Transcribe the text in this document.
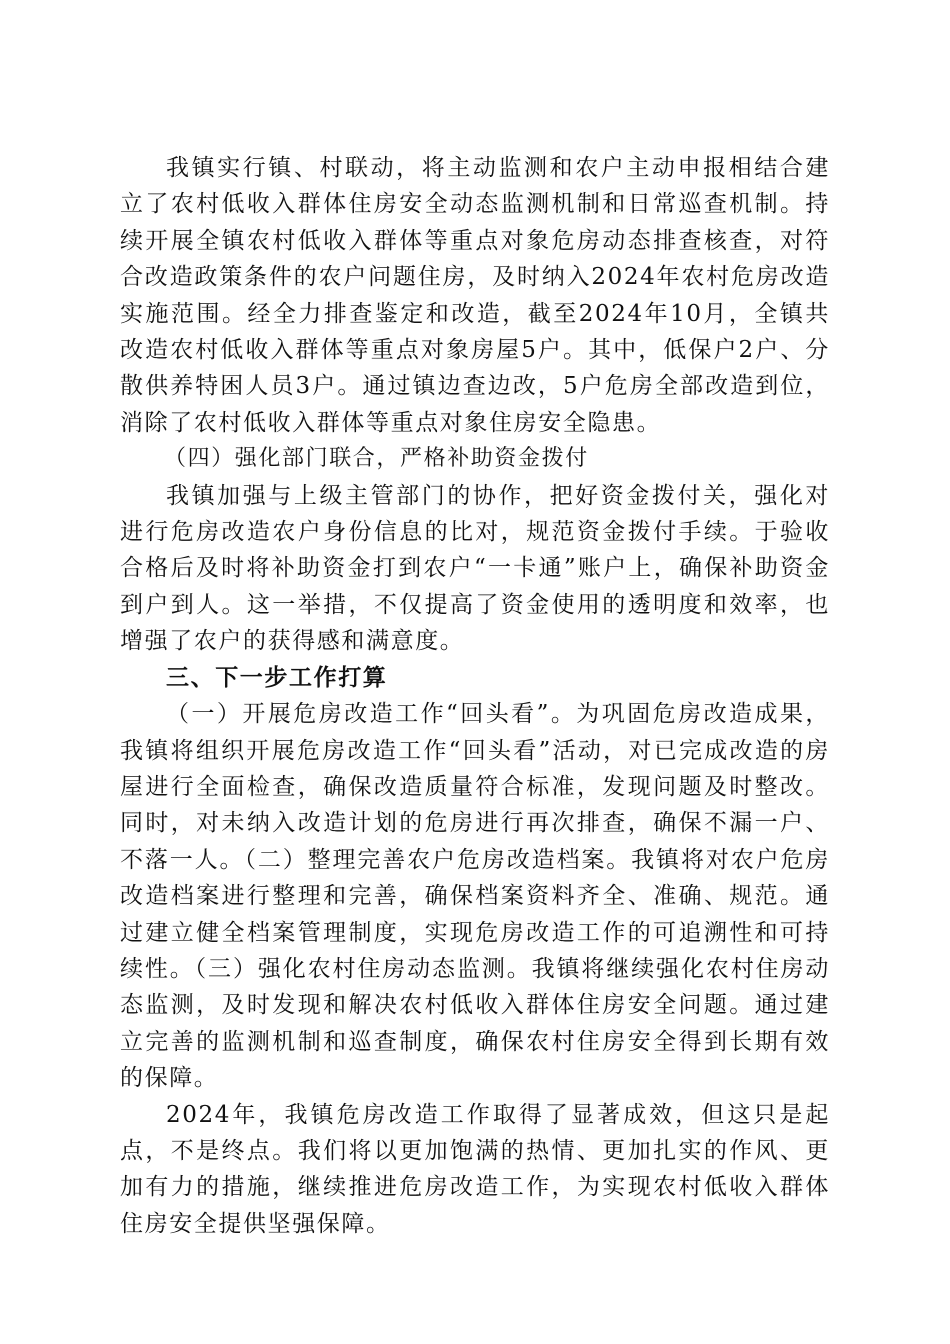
我镇实行镇、村联动，将主动监测和农户主动申报相结合建立了农村低收入群体住房安全动态监测机制和日常巡查机制。持续开展全镇农村低收入群体等重点对象危房动态排查核查，对符合改造政策条件的农户问题住房，及时纳入2024年农村危房改造实施范围。经全力排查鉴定和改造，截至2024年10月，全镇共改造农村低收入群体等重点对象房屋5户。其中，低保户2户、分散供养特困人员3户。通过镇边查边改，5户危房全部改造到位，消除了农村低收入群体等重点对象住房安全隐患。

（四）强化部门联合，严格补助资金拨付

我镇加强与上级主管部门的协作，把好资金拨付关，强化对进行危房改造农户身份信息的比对，规范资金拨付手续。于验收合格后及时将补助资金打到农户“一卡通”账户上，确保补助资金到户到人。这一举措，不仅提高了资金使用的透明度和效率，也增强了农户的获得感和满意度。

三、下一步工作打算

（一）开展危房改造工作“回头看”。为巩固危房改造成果，我镇将组织开展危房改造工作“回头看”活动，对已完成改造的房屋进行全面检查，确保改造质量符合标准，发现问题及时整改。同时，对未纳入改造计划的危房进行再次排查，确保不漏一户、不落一人。（二）整理完善农户危房改造档案。我镇将对农户危房改造档案进行整理和完善，确保档案资料齐全、准确、规范。通过建立健全档案管理制度，实现危房改造工作的可追溯性和可持续性。（三）强化农村住房动态监测。我镇将继续强化农村住房动态监测，及时发现和解决农村低收入群体住房安全问题。通过建立完善的监测机制和巡查制度，确保农村住房安全得到长期有效的保障。

2024年，我镇危房改造工作取得了显著成效，但这只是起点，不是终点。我们将以更加饱满的热情、更加扎实的作风、更加有力的措施，继续推进危房改造工作，为实现农村低收入群体住房安全提供坚强保障。
